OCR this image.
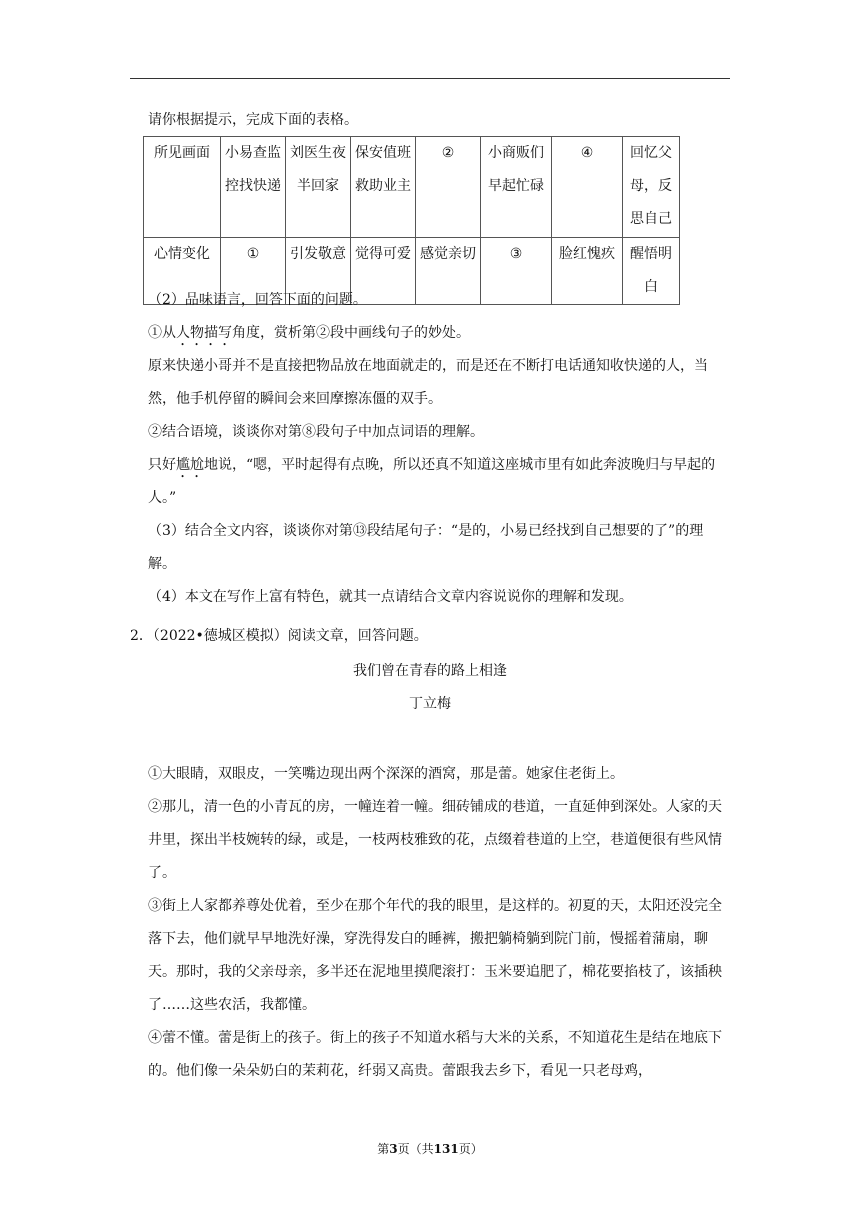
请你根据提示，完成下面的表格。
所见画面	小易查监控找快递	刘医生夜半回家	保安值班救助业主	②	小商贩们早起忙碌	④	回忆父母，反思自己
心情变化	①	引发敬意	觉得可爱	感觉亲切	③	脸红愧疚	醒悟明白

（2）品味语言，回答下面的问题。

①从人物描写角度，赏析第②段中画线句子的妙处。

原来快递小哥并不是直接把物品放在地面就走的，而是还在不断打电话通知收快递的人，当然，他手机停留的瞬间会来回摩擦冻僵的双手。

②结合语境，谈谈你对第⑧段句子中加点词语的理解。

只好尴尬地说，“嗯，平时起得有点晚，所以还真不知道这座城市里有如此奔波晚归与早起的人。”

（3）结合全文内容，谈谈你对第⑬段结尾句子：“是的，小易已经找到自己想要的了”的理解。

（4）本文在写作上富有特色，就其一点请结合文章内容说说你的理解和发现。

2．（2022•德城区模拟）阅读文章，回答问题。
我们曾在青春的路上相逢
丁立梅

①大眼睛，双眼皮，一笑嘴边现出两个深深的酒窝，那是蕾。她家住老街上。

②那儿，清一色的小青瓦的房，一幢连着一幢。细砖铺成的巷道，一直延伸到深处。人家的天井里，探出半枝婉转的绿，或是，一枝两枝雅致的花，点缀着巷道的上空，巷道便很有些风情了。

③街上人家都养尊处优着，至少在那个年代的我的眼里，是这样的。初夏的天，太阳还没完全落下去，他们就早早地洗好澡，穿洗得发白的睡裤，搬把躺椅躺到院门前，慢摇着蒲扇，聊天。那时，我的父亲母亲，多半还在泥地里摸爬滚打：玉米要追肥了，棉花要掐枝了，该插秧了……这些农活，我都懂。

④蕾不懂。蕾是街上的孩子。街上的孩子不知道水稻与大米的关系，不知道花生是结在地底下的。他们像一朵朵奶白的茉莉花，纤弱又高贵。蕾跟我去乡下，看见一只老母鸡，

第3页（共131页）
